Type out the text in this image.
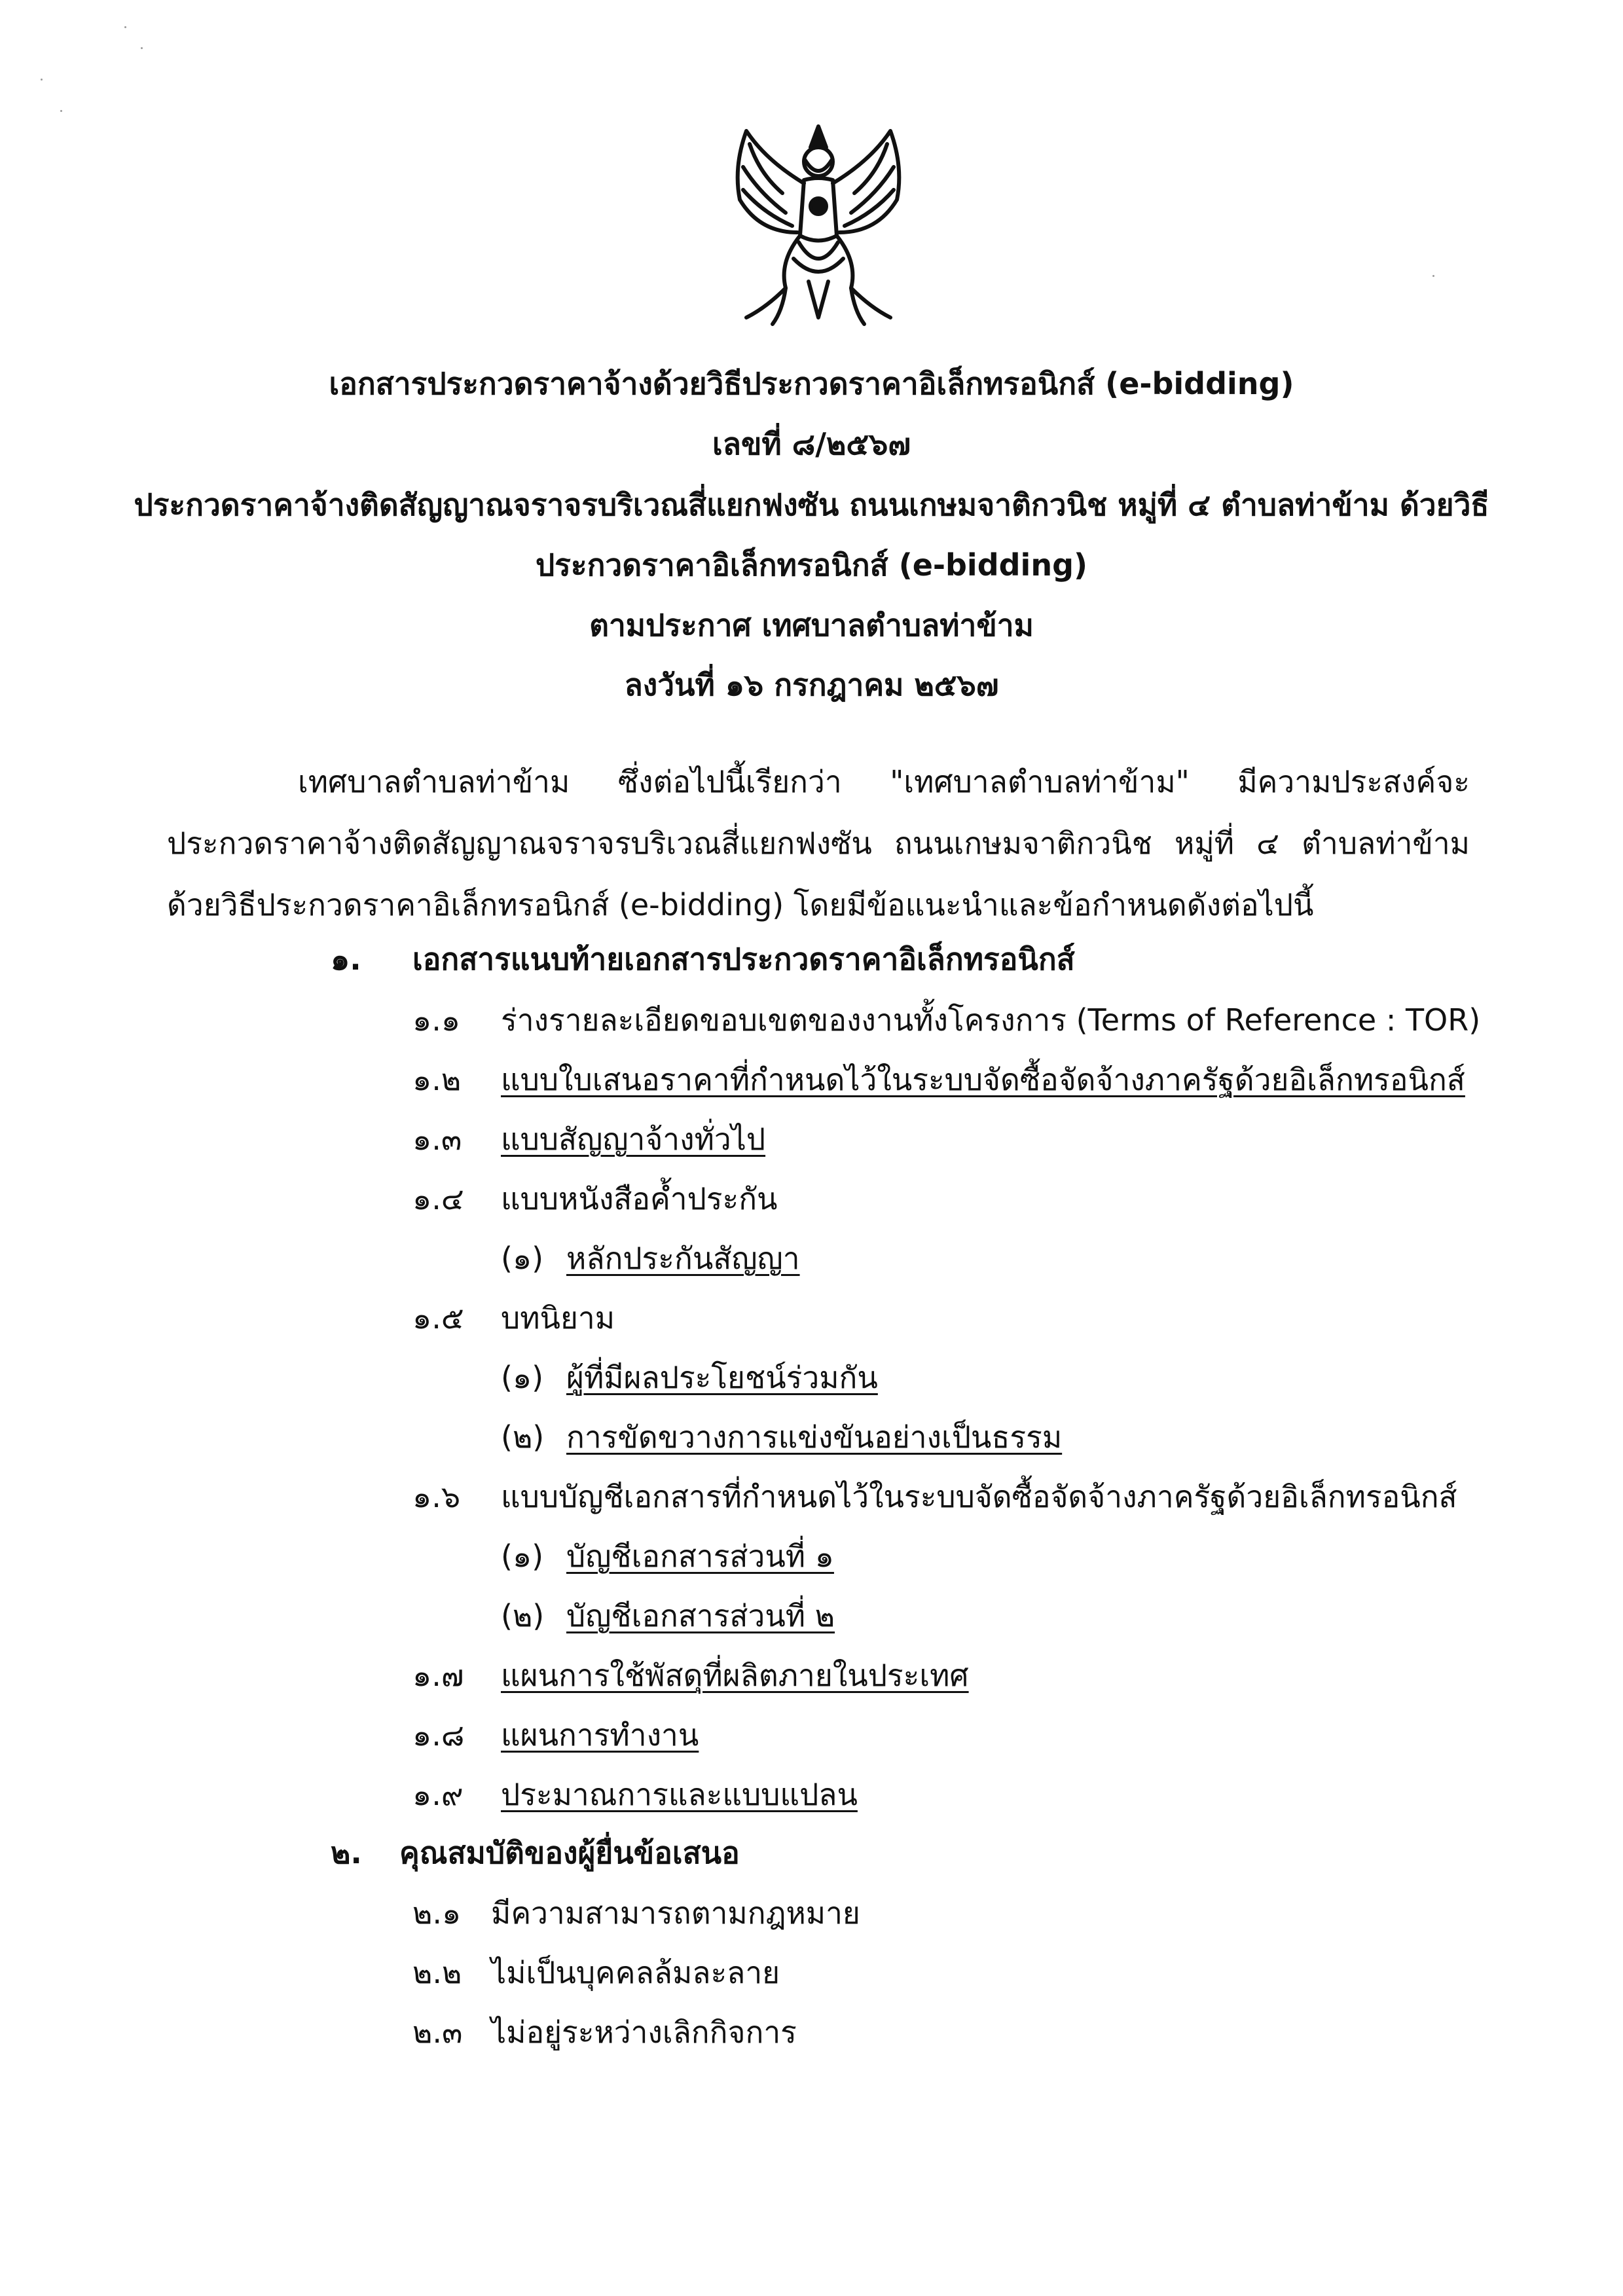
เอกสารประกวดราคาจ้างด้วยวิธีประกวดราคาอิเล็กทรอนิกส์ (e-bidding)
เลขที่ ๘/๒๕๖๗
ประกวดราคาจ้างติดสัญญาณจราจรบริเวณสี่แยกฟงซัน ถนนเกษมจาติกวนิช หมู่ที่ ๔ ตำบลท่าข้าม ด้วยวิธี
ประกวดราคาอิเล็กทรอนิกส์ (e-bidding)
ตามประกาศ เทศบาลตำบลท่าข้าม
ลงวันที่ ๑๖ กรกฎาคม ๒๕๖๗
เทศบาลตำบลท่าข้าม ซึ่งต่อไปนี้เรียกว่า "เทศบาลตำบลท่าข้าม" มีความประสงค์จะ ประกวดราคาจ้างติดสัญญาณจราจรบริเวณสี่แยกฟงซัน ถนนเกษมจาติกวนิช หมู่ที่ ๔ ตำบลท่าข้าม ด้วยวิธีประกวดราคาอิเล็กทรอนิกส์ (e-bidding) โดยมีข้อแนะนำและข้อกำหนดดังต่อไปนี้
๑. เอกสารแนบท้ายเอกสารประกวดราคาอิเล็กทรอนิกส์
๑.๑ ร่างรายละเอียดขอบเขตของงานทั้งโครงการ (Terms of Reference : TOR)
๑.๒ แบบใบเสนอราคาที่กำหนดไว้ในระบบจัดซื้อจัดจ้างภาครัฐด้วยอิเล็กทรอนิกส์
๑.๓ แบบสัญญาจ้างทั่วไป
๑.๔ แบบหนังสือค้ำประกัน
(๑) หลักประกันสัญญา
๑.๕ บทนิยาม
(๑) ผู้ที่มีผลประโยชน์ร่วมกัน
(๒) การขัดขวางการแข่งขันอย่างเป็นธรรม
๑.๖ แบบบัญชีเอกสารที่กำหนดไว้ในระบบจัดซื้อจัดจ้างภาครัฐด้วยอิเล็กทรอนิกส์
(๑) บัญชีเอกสารส่วนที่ ๑
(๒) บัญชีเอกสารส่วนที่ ๒
๑.๗ แผนการใช้พัสดุที่ผลิตภายในประเทศ
๑.๘ แผนการทำงาน
๑.๙ ประมาณการและแบบแปลน
๒. คุณสมบัติของผู้ยื่นข้อเสนอ
๒.๑ มีความสามารถตามกฎหมาย
๒.๒ ไม่เป็นบุคคลล้มละลาย
๒.๓ ไม่อยู่ระหว่างเลิกกิจการ
